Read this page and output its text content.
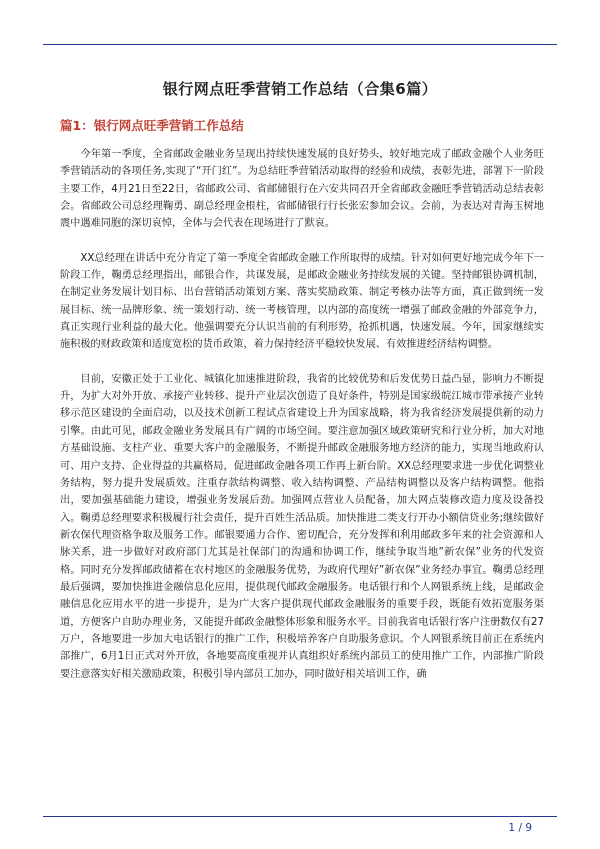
银行网点旺季营销工作总结（合集6篇）
篇1：银行网点旺季营销工作总结

今年第一季度，全省邮政金融业务呈现出持续快速发展的良好势头，较好地完成了邮政金融个人业务旺季营销活动的各项任务,实现了“开门红”。为总结旺季营销活动取得的经验和成绩，表彰先进，部署下一阶段主要工作，4月21日至22日，省邮政公司、省邮储银行在六安共同召开全省邮政金融旺季营销活动总结表彰会。省邮政公司总经理鞠勇、副总经理金根柱，省邮储银行行长张宏参加会议。会前，为表达对青海玉树地震中遇难同胞的深切哀悼，全体与会代表在现场进行了默哀。

XX总经理在讲话中充分肯定了第一季度全省邮政金融工作所取得的成绩。针对如何更好地完成今年下一阶段工作，鞠勇总经理指出，邮银合作，共谋发展，是邮政金融业务持续发展的关键。坚持邮银协调机制，在制定业务发展计划目标、出台营销活动策划方案、落实奖励政策、制定考核办法等方面，真正做到统一发展目标、统一品牌形象、统一策划行动、统一考核管理，以内部的高度统一增强了邮政金融的外部竞争力，真正实现行业利益的最大化。他强调要充分认识当前的有利形势，抢抓机遇，快速发展。今年，国家继续实施积极的财政政策和适度宽松的货币政策，着力保持经济平稳较快发展、有效推进经济结构调整。

目前，安徽正处于工业化、城镇化加速推进阶段，我省的比较优势和后发优势日益凸显，影响力不断提升，为扩大对外开放、承接产业转移、提升产业层次创造了良好条件，特别是国家级皖江城市带承接产业转移示范区建设的全面启动，以及技术创新工程试点省建设上升为国家战略，将为我省经济发展提供新的动力引擎。由此可见，邮政金融业务发展具有广阔的市场空间。要注意加强区域政策研究和行业分析，加大对地方基础设施、支柱产业、重要大客户的金融服务，不断提升邮政金融服务地方经济的能力，实现当地政府认可、用户支持、企业得益的共赢格局，促进邮政金融各项工作再上新台阶。XX总经理要求进一步优化调整业务结构，努力提升发展质效。注重存款结构调整、收入结构调整、产品结构调整以及客户结构调整。他指出，要加强基础能力建设，增强业务发展后劲。加强网点营业人员配备，加大网点装修改造力度及设备投入。鞠勇总经理要求积极履行社会责任，提升百姓生活品质。加快推进二类支行开办小额信贷业务;继续做好新农保代理资格争取及服务工作。邮银要通力合作、密切配合，充分发挥和利用邮政多年来的社会资源和人脉关系，进一步做好对政府部门尤其是社保部门的沟通和协调工作，继续争取当地”新农保”业务的代发资格。同时充分发挥邮政储蓄在农村地区的金融服务优势，为政府代理好”新农保”业务经办事宜。鞠勇总经理最后强调，要加快推进金融信息化应用，提供现代邮政金融服务。电话银行和个人网银系统上线，是邮政金融信息化应用水平的进一步提升，是为广大客户提供现代邮政金融服务的重要手段，既能有效拓宽服务渠道，方便客户自助办理业务，又能提升邮政金融整体形象和服务水平。目前我省电话银行客户注册数仅有27万户，各地要进一步加大电话银行的推广工作，积极培养客户自助服务意识。个人网银系统目前正在系统内部推广，6月1日正式对外开放，各地要高度重视并认真组织好系统内部员工的使用推广工作，内部推广阶段要注意落实好相关激励政策，积极引导内部员工加办，同时做好相关培训工作，确

1 / 9
